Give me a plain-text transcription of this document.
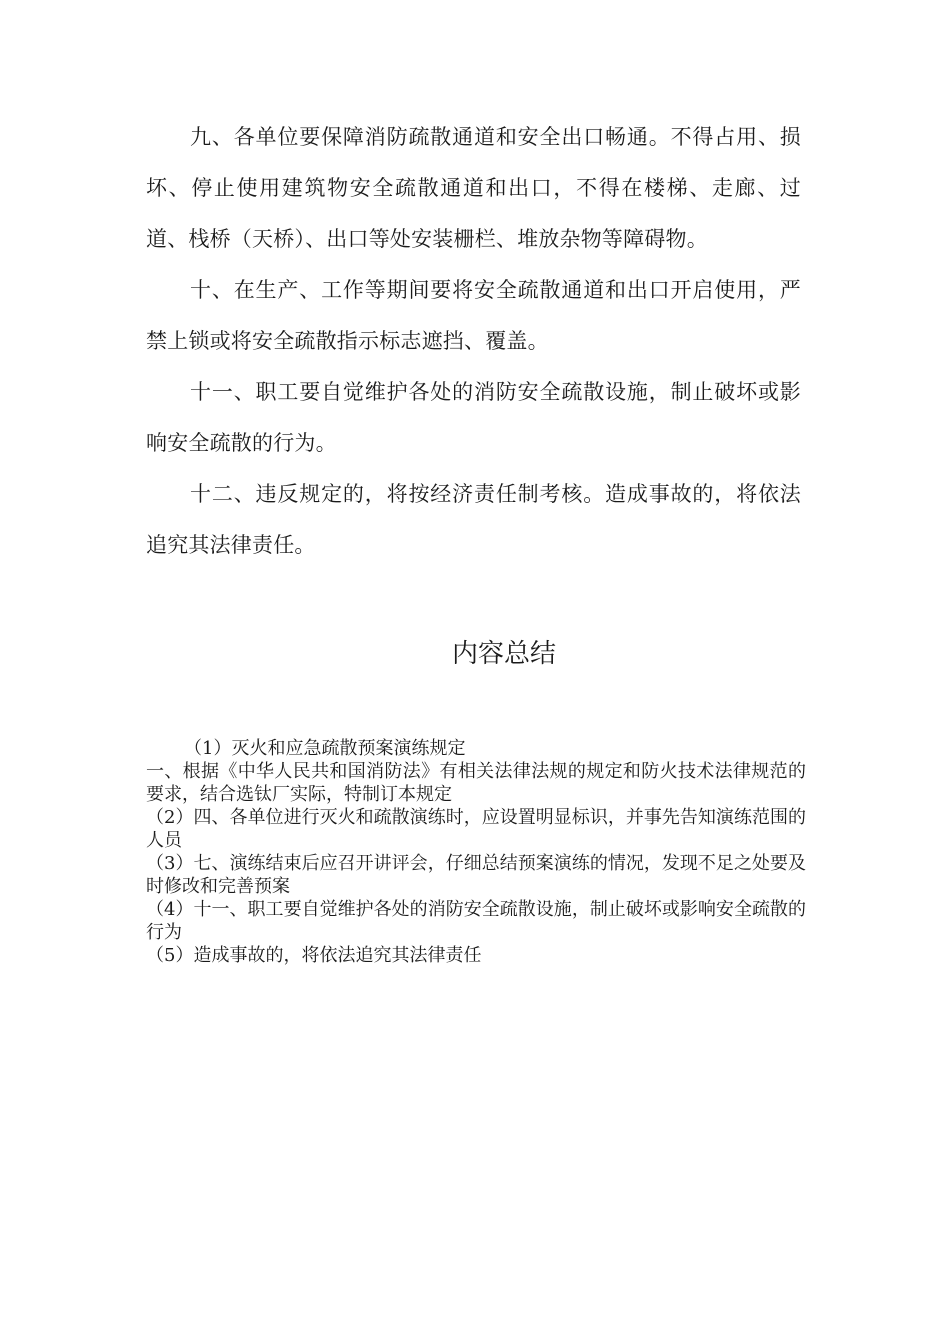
九、各单位要保障消防疏散通道和安全出口畅通。不得占用、损坏、停止使用建筑物安全疏散通道和出口，不得在楼梯、走廊、过道、栈桥（天桥）、出口等处安装栅栏、堆放杂物等障碍物。

十、在生产、工作等期间要将安全疏散通道和出口开启使用，严禁上锁或将安全疏散指示标志遮挡、覆盖。

十一、职工要自觉维护各处的消防安全疏散设施，制止破坏或影响安全疏散的行为。

十二、违反规定的，将按经济责任制考核。造成事故的，将依法追究其法律责任。

内容总结

（1）灭火和应急疏散预案演练规定

一、根据《中华人民共和国消防法》有相关法律法规的规定和防火技术法律规范的要求，结合选钛厂实际，特制订本规定

（2）四、各单位进行灭火和疏散演练时，应设置明显标识，并事先告知演练范围的人员

（3）七、演练结束后应召开讲评会，仔细总结预案演练的情况，发现不足之处要及时修改和完善预案

（4）十一、职工要自觉维护各处的消防安全疏散设施，制止破坏或影响安全疏散的行为

（5）造成事故的，将依法追究其法律责任
